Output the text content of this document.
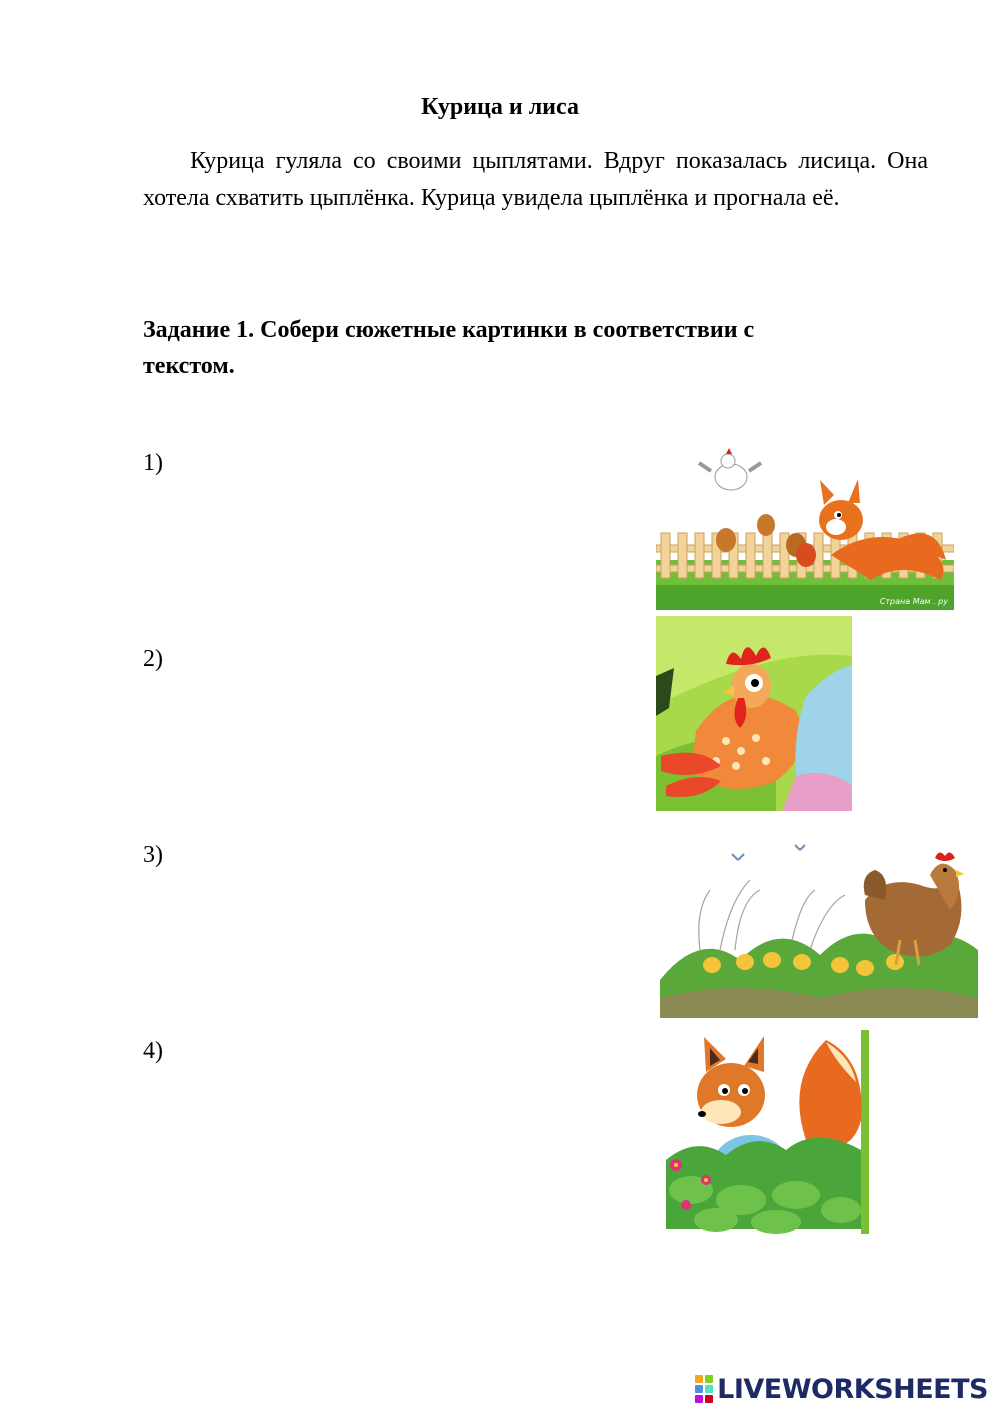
Курица и лиса
Курица гуляла со своими цыплятами. Вдруг показалась лисица. Она хотела схватить цыплёнка. Курица увидела цыплёнка и прогнала её.
Задание 1. Собери сюжетные картинки в соответствии с
текстом.
1)
Страна Мам . ру
2)
3)
4)
LIVEWORKSHEETS
